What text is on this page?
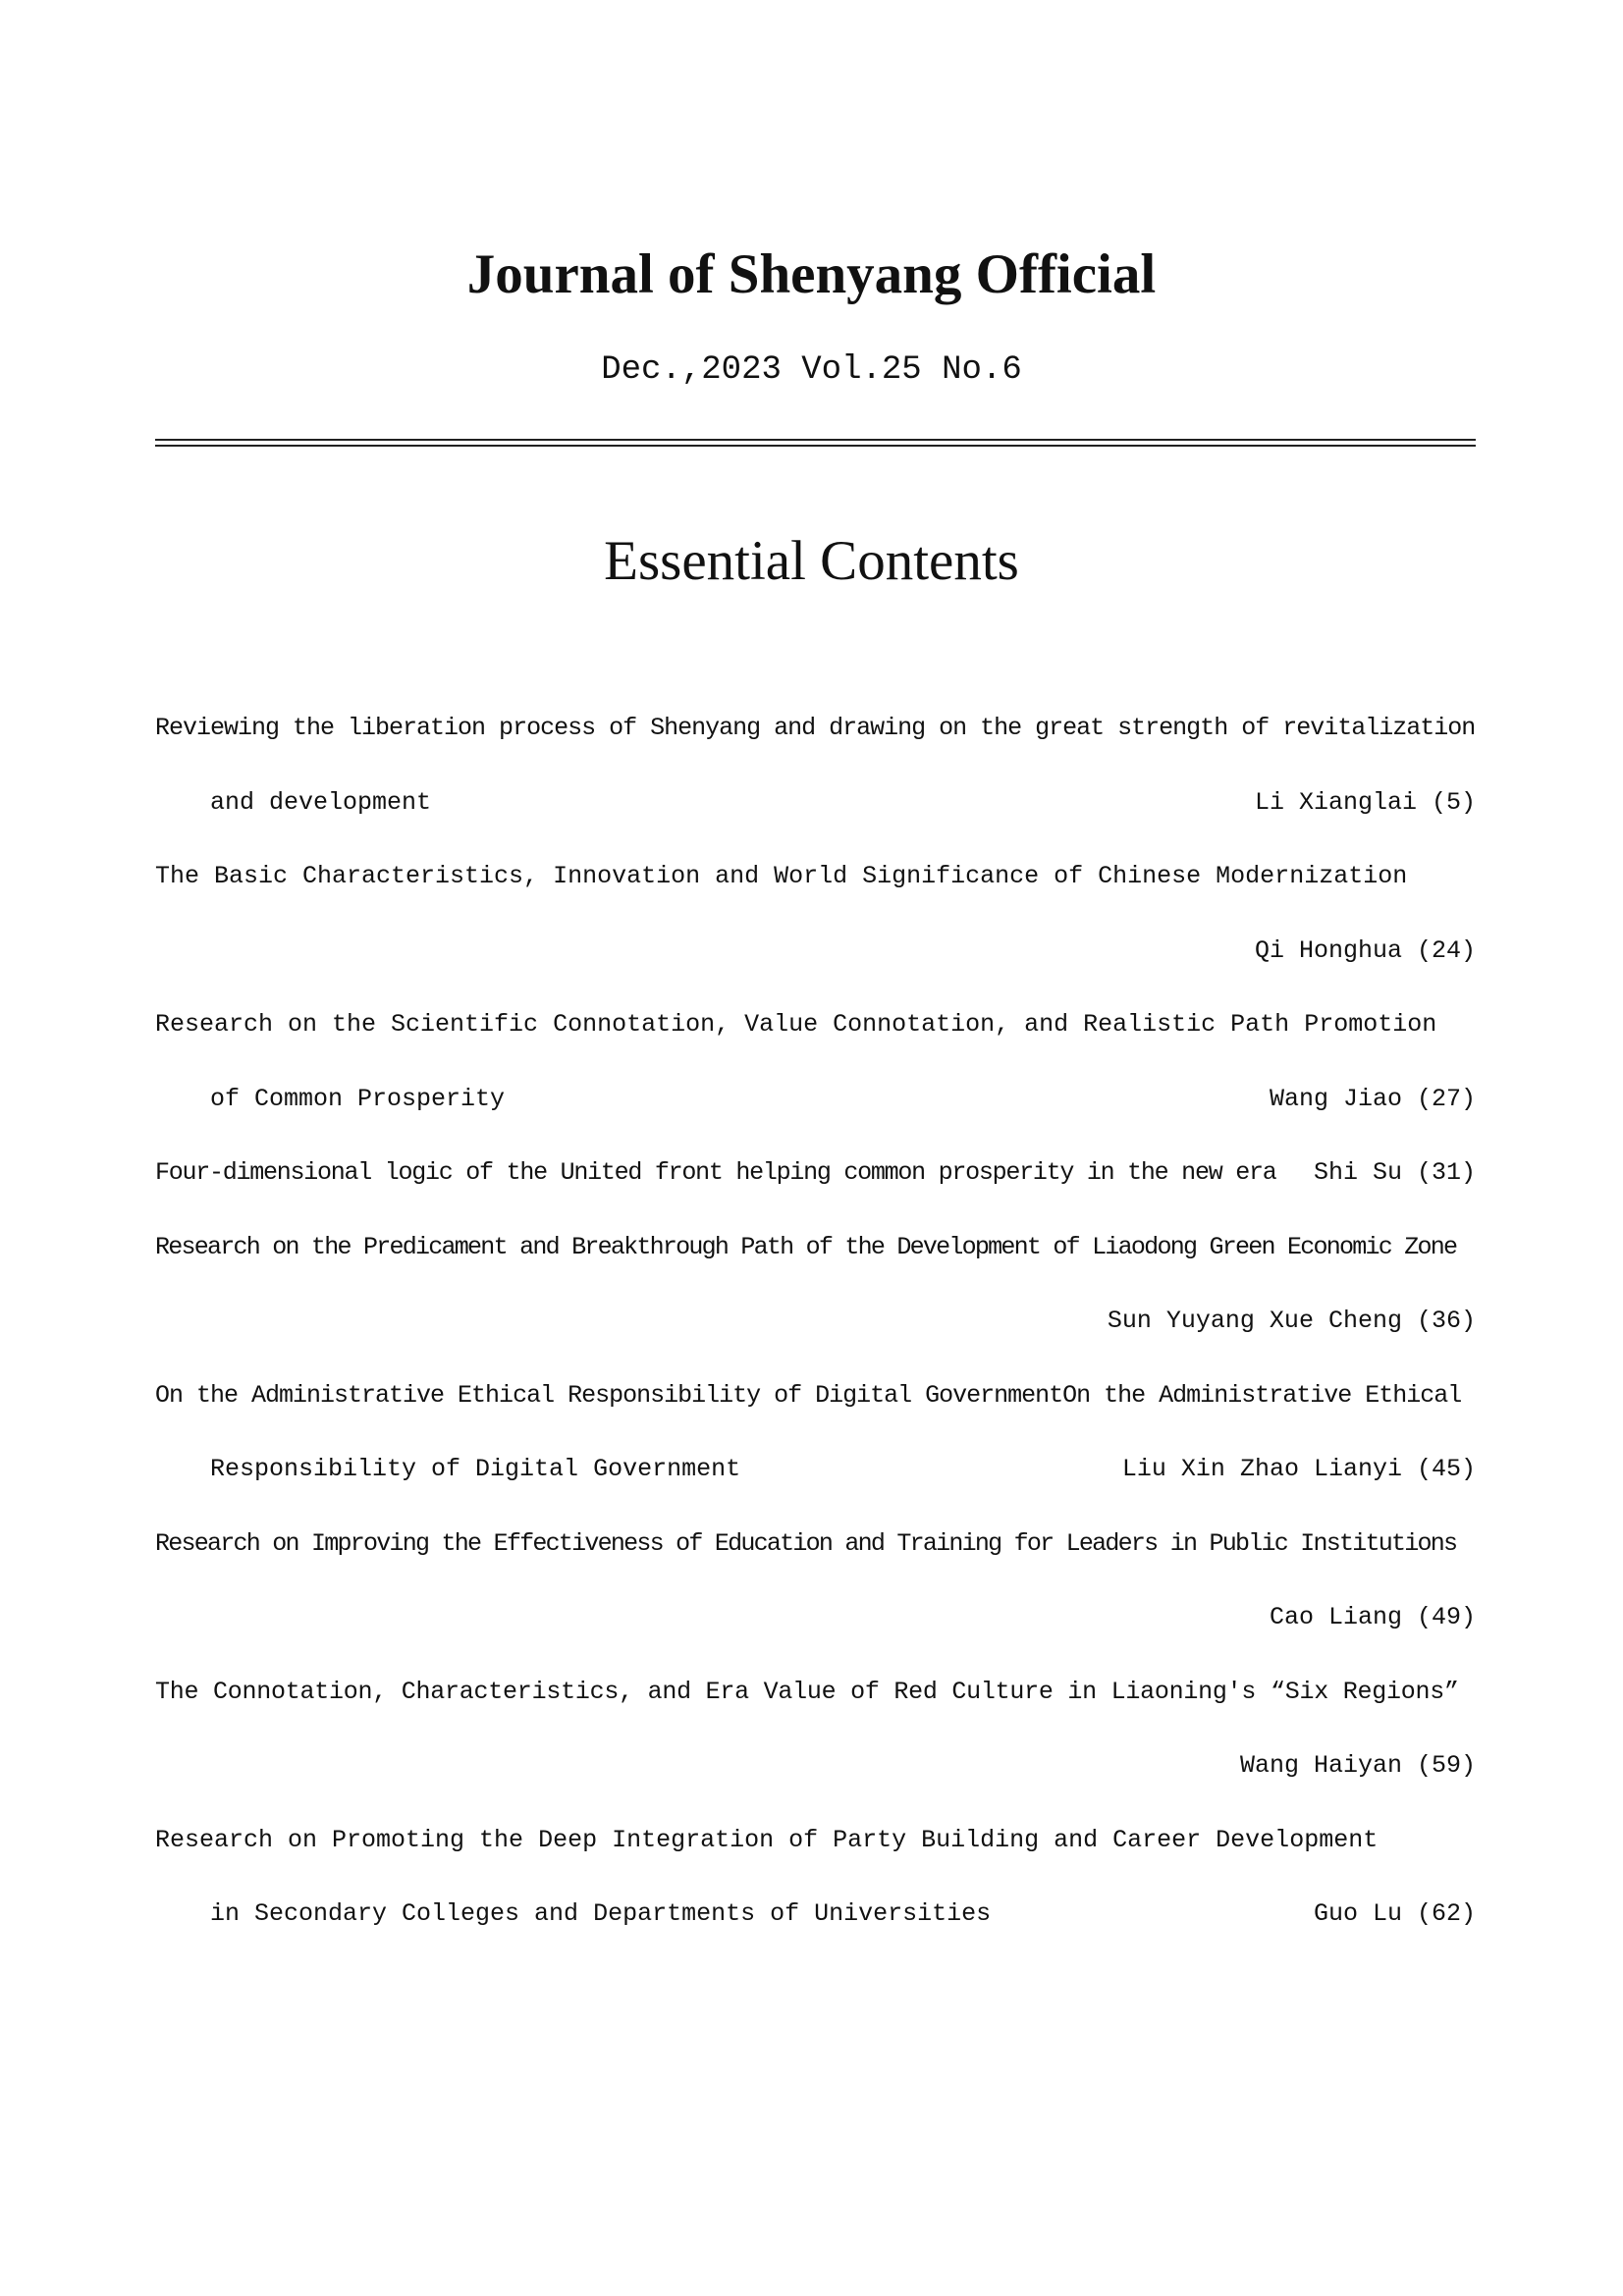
Journal of Shenyang Official
Dec.,2023 Vol.25 No.6
Essential Contents
Reviewing the liberation process of Shenyang and drawing on the great strength of revitalization
and development	Li Xianglai (5)
The Basic Characteristics, Innovation and World Significance of Chinese Modernization
Qi Honghua (24)
Research on the Scientific Connotation, Value Connotation, and Realistic Path Promotion
of Common Prosperity	Wang Jiao (27)
Four-dimensional logic of the United front helping common prosperity in the new era Shi Su (31)
Research on the Predicament and Breakthrough Path of the Development of Liaodong Green Economic Zone
Sun Yuyang Xue Cheng (36)
On the Administrative Ethical Responsibility of Digital GovernmentOn the Administrative Ethical
Responsibility of Digital Government	Liu Xin Zhao Lianyi (45)
Research on Improving the Effectiveness of Education and Training for Leaders in Public Institutions
Cao Liang (49)
The Connotation, Characteristics, and Era Value of Red Culture in Liaoning's “Six Regions”
Wang Haiyan (59)
Research on Promoting the Deep Integration of Party Building and Career Development
in Secondary Colleges and Departments of Universities	Guo Lu (62)
